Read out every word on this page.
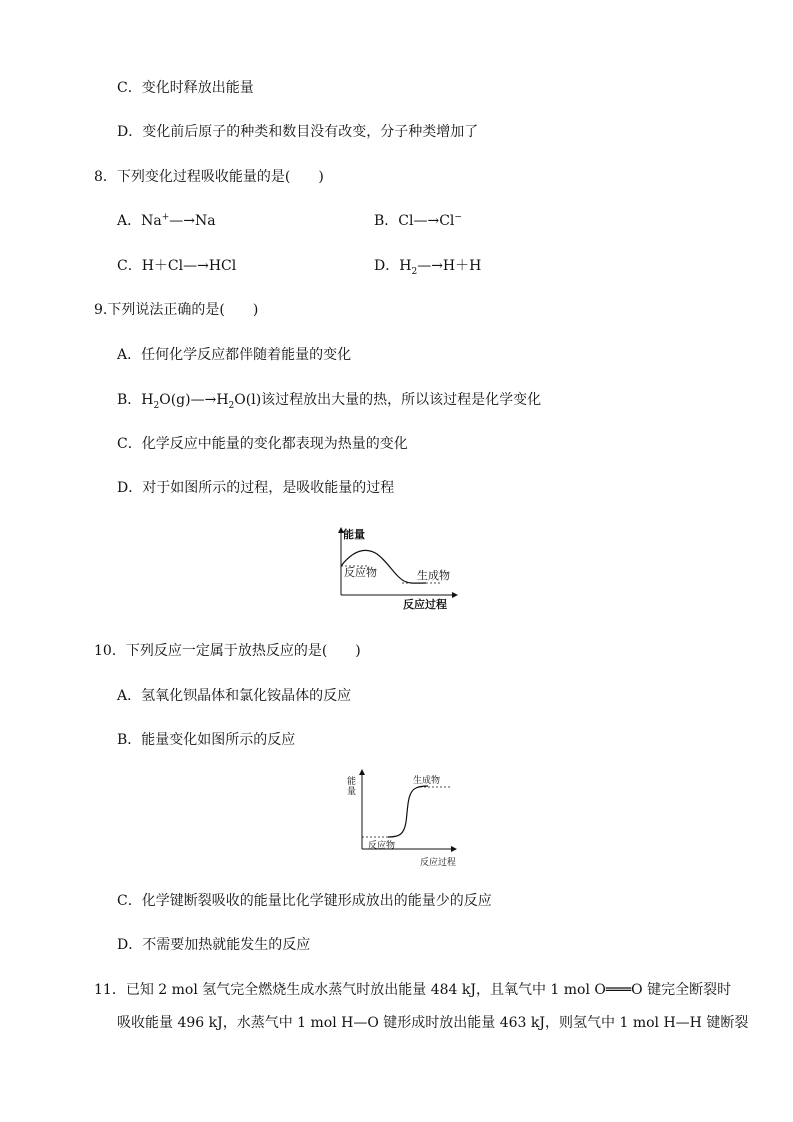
C．变化时释放出能量
D．变化前后原子的种类和数目没有改变，分子种类增加了
8．下列变化过程吸收能量的是(　　)
A．Na+—→Na	B．Cl—→Cl−
C．H＋Cl—→HCl	D．$H_2—\to H+H$
9.下列说法正确的是(　　)
A．任何化学反应都伴随着能量的变化
B．$H_2O(g)—\to H_2O(l)$该过程放出大量的热，所以该过程是化学变化
C．化学反应中能量的变化都表现为热量的变化
D．对于如图所示的过程，是吸收能量的过程
能量
反应物	生成物
反应过程
10．下列反应一定属于放热反应的是(　　)
A．氢氧化钡晶体和氯化铵晶体的反应
B．能量变化如图所示的反应
能
量
生成物
反应物
反应过程
C．化学键断裂吸收的能量比化学键形成放出的能量少的反应
D．不需要加热就能发生的反应
11．已知 2 mol 氢气完全燃烧生成水蒸气时放出能量 484 kJ，且氧气中 1 mol O═══O 键完全断裂时
吸收能量 496 kJ，水蒸气中 1 mol H—O 键形成时放出能量 463 kJ，则氢气中 1 mol H—H 键断裂
